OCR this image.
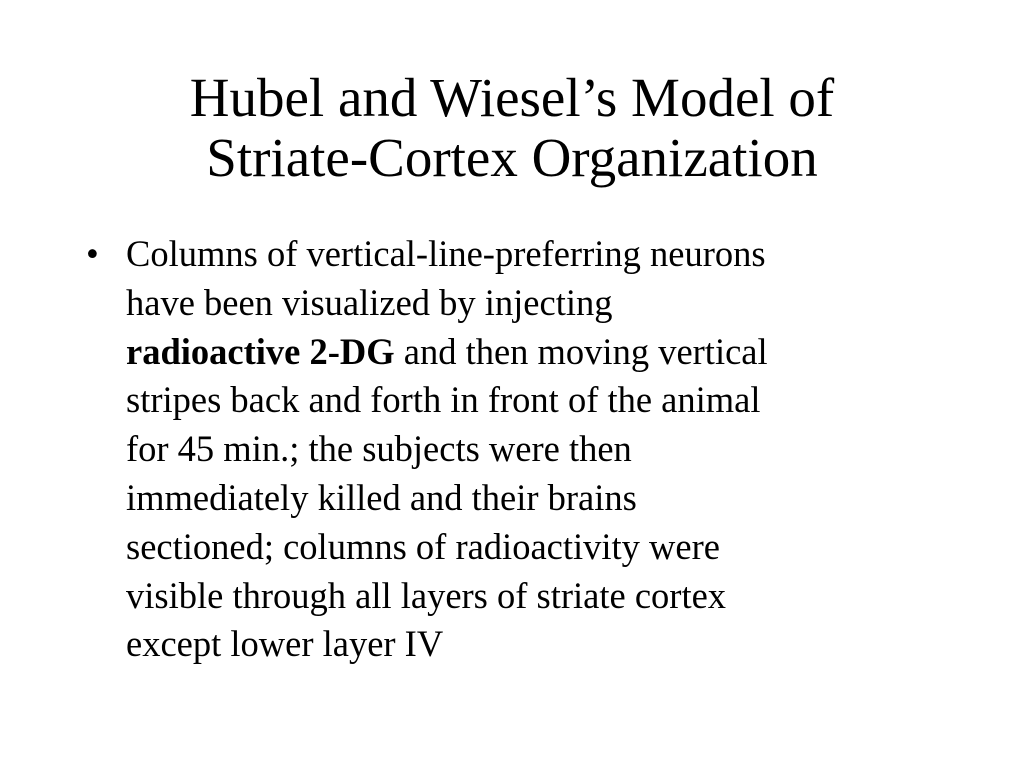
Hubel and Wiesel’s Model of
Striate-Cortex Organization
• Columns of vertical-line-preferring neurons
have been visualized by injecting
radioactive 2-DG and then moving vertical
stripes back and forth in front of the animal
for 45 min.; the subjects were then
immediately killed and their brains
sectioned; columns of radioactivity were
visible through all layers of striate cortex
except lower layer IV
